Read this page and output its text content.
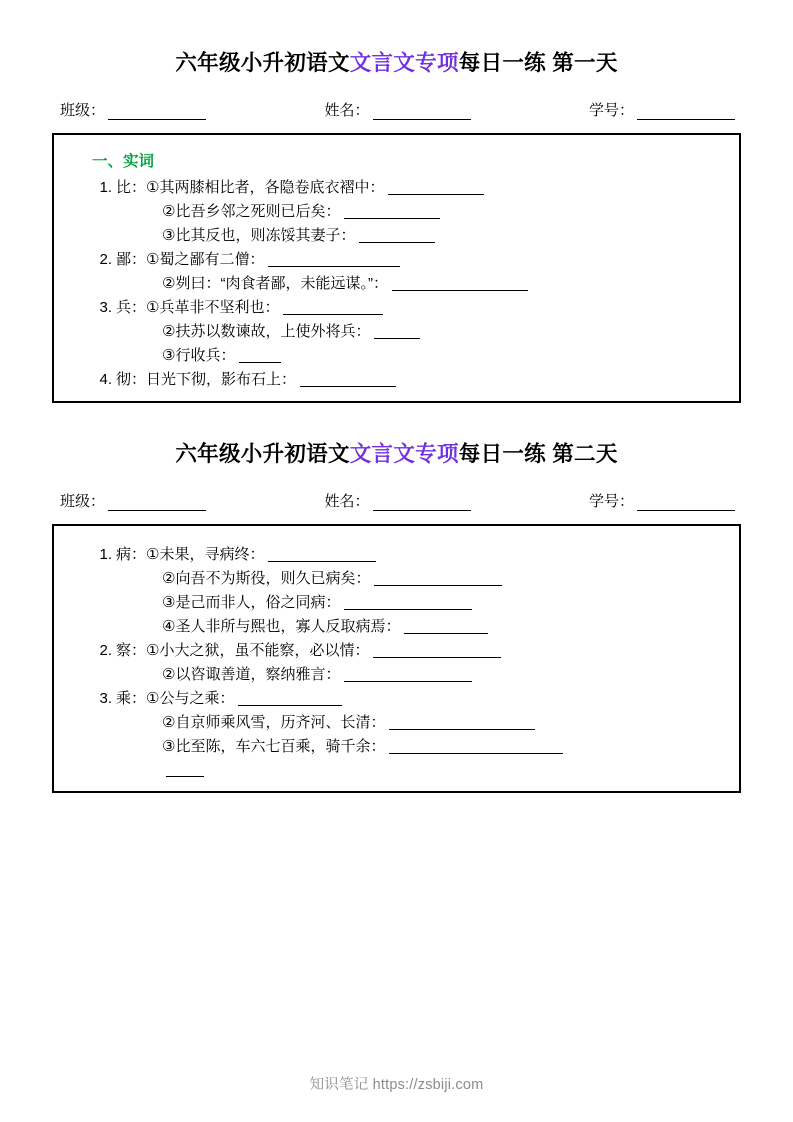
六年级小升初语文文言文专项每日一练 第一天
班级：	姓名：	学号：
一、实词
1. 比： ① 其两膝相比者，各隐卷底衣褶中：
② 比吾乡邻之死则已后矣：
③ 比其反也，则冻馁其妻子：
2. 鄙： ① 蜀之鄙有二僧：
② 刿曰：“肉食者鄙，未能远谋。”：
3. 兵： ① 兵革非不坚利也：
② 扶苏以数谏故，上使外将兵：
③ 行收兵：
4. 彻： 日光下彻，影布石上：
六年级小升初语文文言文专项每日一练 第二天
班级：	姓名：	学号：
1. 病： ① 未果，寻病终：
② 向吾不为斯役，则久已病矣：
③ 是己而非人，俗之同病：
④ 圣人非所与熙也，寡人反取病焉：
2. 察： ① 小大之狱，虽不能察，必以情：
② 以咨诹善道，察纳雅言：
3. 乘： ① 公与之乘：
② 自京师乘风雪，历齐河、长清：
③ 比至陈，车六七百乘，骑千余：
知识笔记 https://zsbiji.com
